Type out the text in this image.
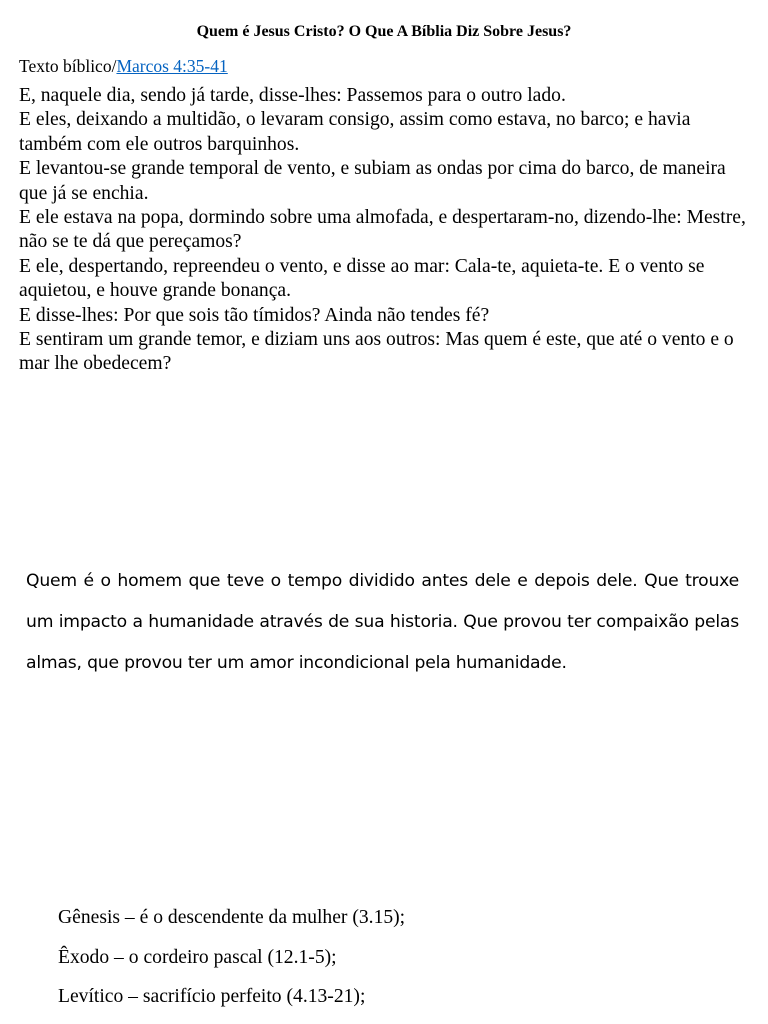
Quem é Jesus Cristo? O Que A Bíblia Diz Sobre Jesus?

Texto bíblico/Marcos 4:35-41

E, naquele dia, sendo já tarde, disse-lhes: Passemos para o outro lado.

E eles, deixando a multidão, o levaram consigo, assim como estava, no barco; e havia também com ele outros barquinhos.

E levantou-se grande temporal de vento, e subiam as ondas por cima do barco, de maneira que já se enchia.

E ele estava na popa, dormindo sobre uma almofada, e despertaram-no, dizendo-lhe: Mestre, não se te dá que pereçamos?

E ele, despertando, repreendeu o vento, e disse ao mar: Cala-te, aquieta-te. E o vento se aquietou, e houve grande bonança.

E disse-lhes: Por que sois tão tímidos? Ainda não tendes fé?

E sentiram um grande temor, e diziam uns aos outros: Mas quem é este, que até o vento e o mar lhe obedecem?

Quem é o homem que teve o tempo dividido antes dele e depois dele. Que trouxe um impacto a humanidade através de sua historia. Que provou ter compaixão pelas almas, que provou ter um amor incondicional pela humanidade.

Gênesis – é o descendente da mulher (3.15);
Êxodo – o cordeiro pascal (12.1-5);
Levítico – sacrifício perfeito (4.13-21);
